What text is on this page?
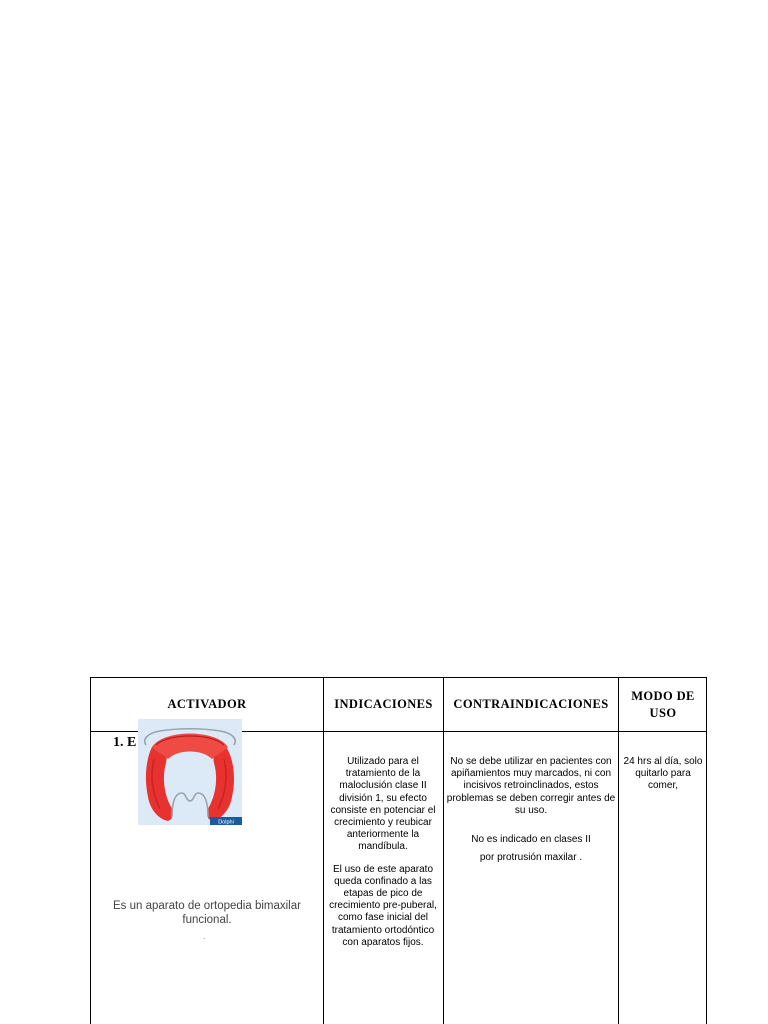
ACTIVADOR	INDICACIONES	CONTRAINDICACIONES
MODO DE
USO
1. E
Dolphi
Es un aparato de ortopedia bimaxilar funcional.
.

Utilizado para el tratamiento de la maloclusión clase II división 1, su efecto consiste en potenciar el crecimiento y reubicar anteriormente la mandíbula.

El uso de este aparato queda confinado a las etapas de pico de crecimiento pre-puberal, como fase inicial del tratamiento ortodóntico con aparatos fijos.

No se debe utilizar en pacientes con apiñamientos muy marcados, ni con incisivos retroinclinados, estos problemas se deben corregir antes de su uso.

No es indicado en clases II por protrusión maxilar .

24 hrs al día, solo quitarlo para comer,
